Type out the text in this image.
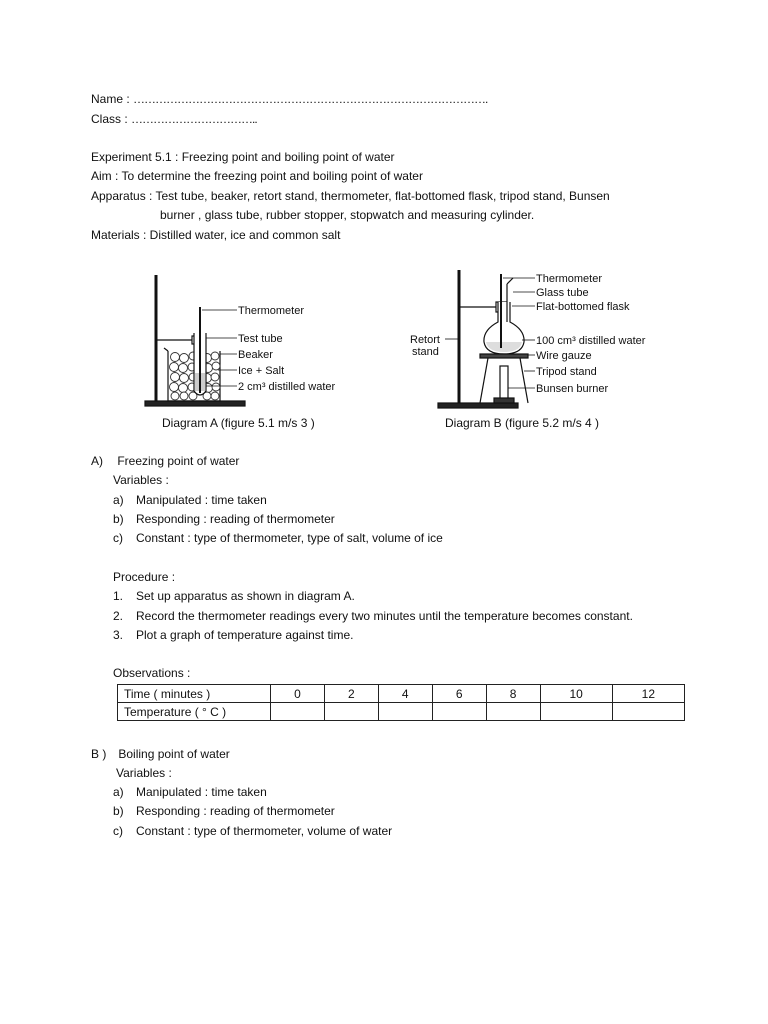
Name : …………………………………………………………………………………….
Class : ……………………………..
Experiment 5.1 : Freezing point and boiling point of water
Aim : To determine the freezing point and boiling point of water
Apparatus : Test tube, beaker, retort stand, thermometer, flat-bottomed flask, tripod stand, Bunsen
burner , glass tube, rubber stopper, stopwatch and measuring cylinder.
Materials : Distilled water, ice and common salt
Thermometer
Test tube
Beaker
Ice + Salt
2 cm³ distilled water
Diagram A (figure 5.1 m/s 3 )
Thermometer
Glass tube
Flat-bottomed flask
100 cm³ distilled water
Wire gauze
Tripod stand
Bunsen burner
Retort
stand
Diagram B (figure 5.2 m/s 4 )
A) Freezing point of water
Variables :
a) Manipulated : time taken
b) Responding : reading of thermometer
c) Constant : type of thermometer, type of salt, volume of ice
Procedure :
1. Set up apparatus as shown in diagram A.
2. Record the thermometer readings every two minutes until the temperature becomes constant.
3. Plot a graph of temperature against time.
Observations :
Time ( minutes )	0	2	4	6	8	10	12
Temperature ( ° C )							
B ) Boiling point of water
Variables :
a) Manipulated : time taken
b) Responding : reading of thermometer
c) Constant : type of thermometer, volume of water
